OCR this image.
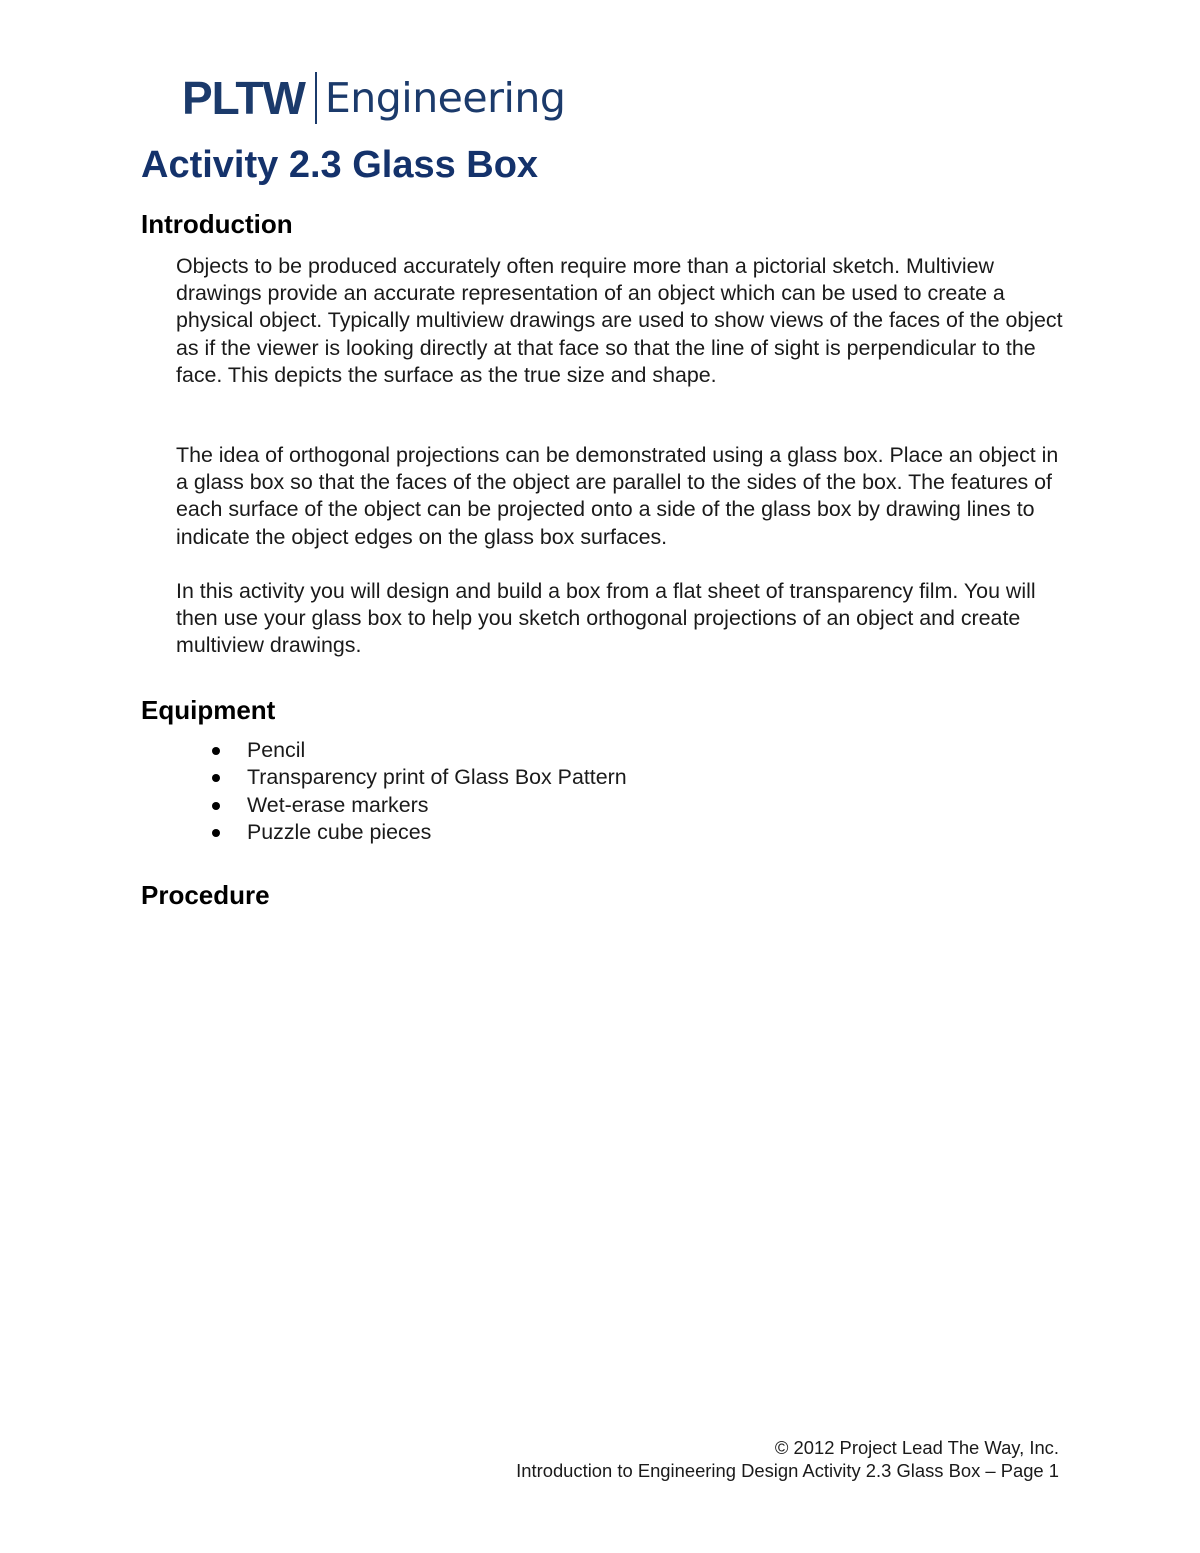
PLTW Engineering
Activity 2.3 Glass Box
Introduction

Objects to be produced accurately often require more than a pictorial sketch. Multiview drawings provide an accurate representation of an object which can be used to create a physical object. Typically multiview drawings are used to show views of the faces of the object as if the viewer is looking directly at that face so that the line of sight is perpendicular to the face. This depicts the surface as the true size and shape.

The idea of orthogonal projections can be demonstrated using a glass box. Place an object in a glass box so that the faces of the object are parallel to the sides of the box. The features of each surface of the object can be projected onto a side of the glass box by drawing lines to indicate the object edges on the glass box surfaces.

In this activity you will design and build a box from a flat sheet of transparency film. You will then use your glass box to help you sketch orthogonal projections of an object and create multiview drawings.

Equipment
Pencil
Transparency print of Glass Box Pattern
Wet-erase markers
Puzzle cube pieces
Procedure
© 2012 Project Lead The Way, Inc.
Introduction to Engineering Design Activity 2.3 Glass Box – Page 1
